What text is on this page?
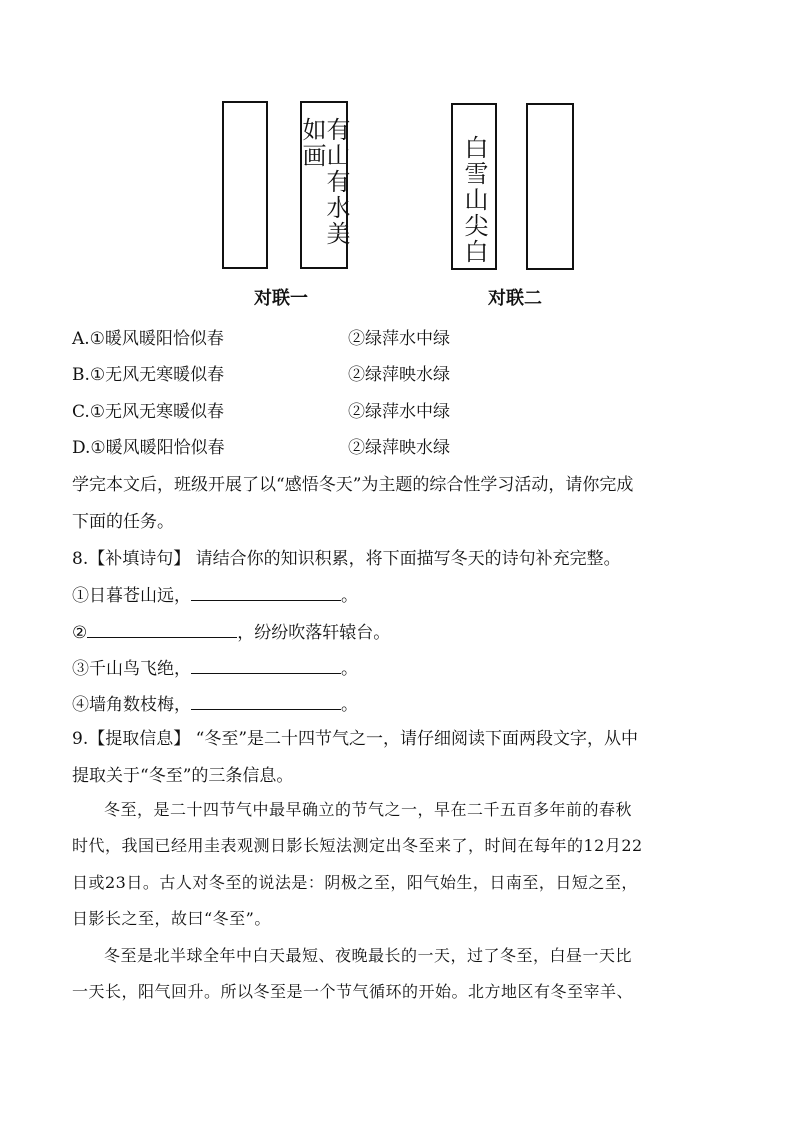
有山有水美如画
对联一
白雪山尖白
对联二
A.①暖风暖阳恰似春	②绿萍水中绿
B.①无风无寒暖似春	②绿萍映水绿
C.①无风无寒暖似春	②绿萍水中绿
D.①暖风暖阳恰似春	②绿萍映水绿
学完本文后，班级开展了以“感悟冬天”为主题的综合性学习活动，请你完成
下面的任务。
8.【补填诗句】 请结合你的知识积累，将下面描写冬天的诗句补充完整。
①日暮苍山远，	。
②	，纷纷吹落轩辕台。
③千山鸟飞绝，	。
④墙角数枝梅，	。
9.【提取信息】 “冬至”是二十四节气之一，请仔细阅读下面两段文字，从中
提取关于“冬至”的三条信息。
冬至，是二十四节气中最早确立的节气之一，早在二千五百多年前的春秋
时代，我国已经用圭表观测日影长短法测定出冬至来了，时间在每年的12月22
日或23日。古人对冬至的说法是：阴极之至，阳气始生，日南至，日短之至，
日影长之至，故曰“冬至”。
冬至是北半球全年中白天最短、夜晚最长的一天，过了冬至，白昼一天比
一天长，阳气回升。所以冬至是一个节气循环的开始。北方地区有冬至宰羊、
